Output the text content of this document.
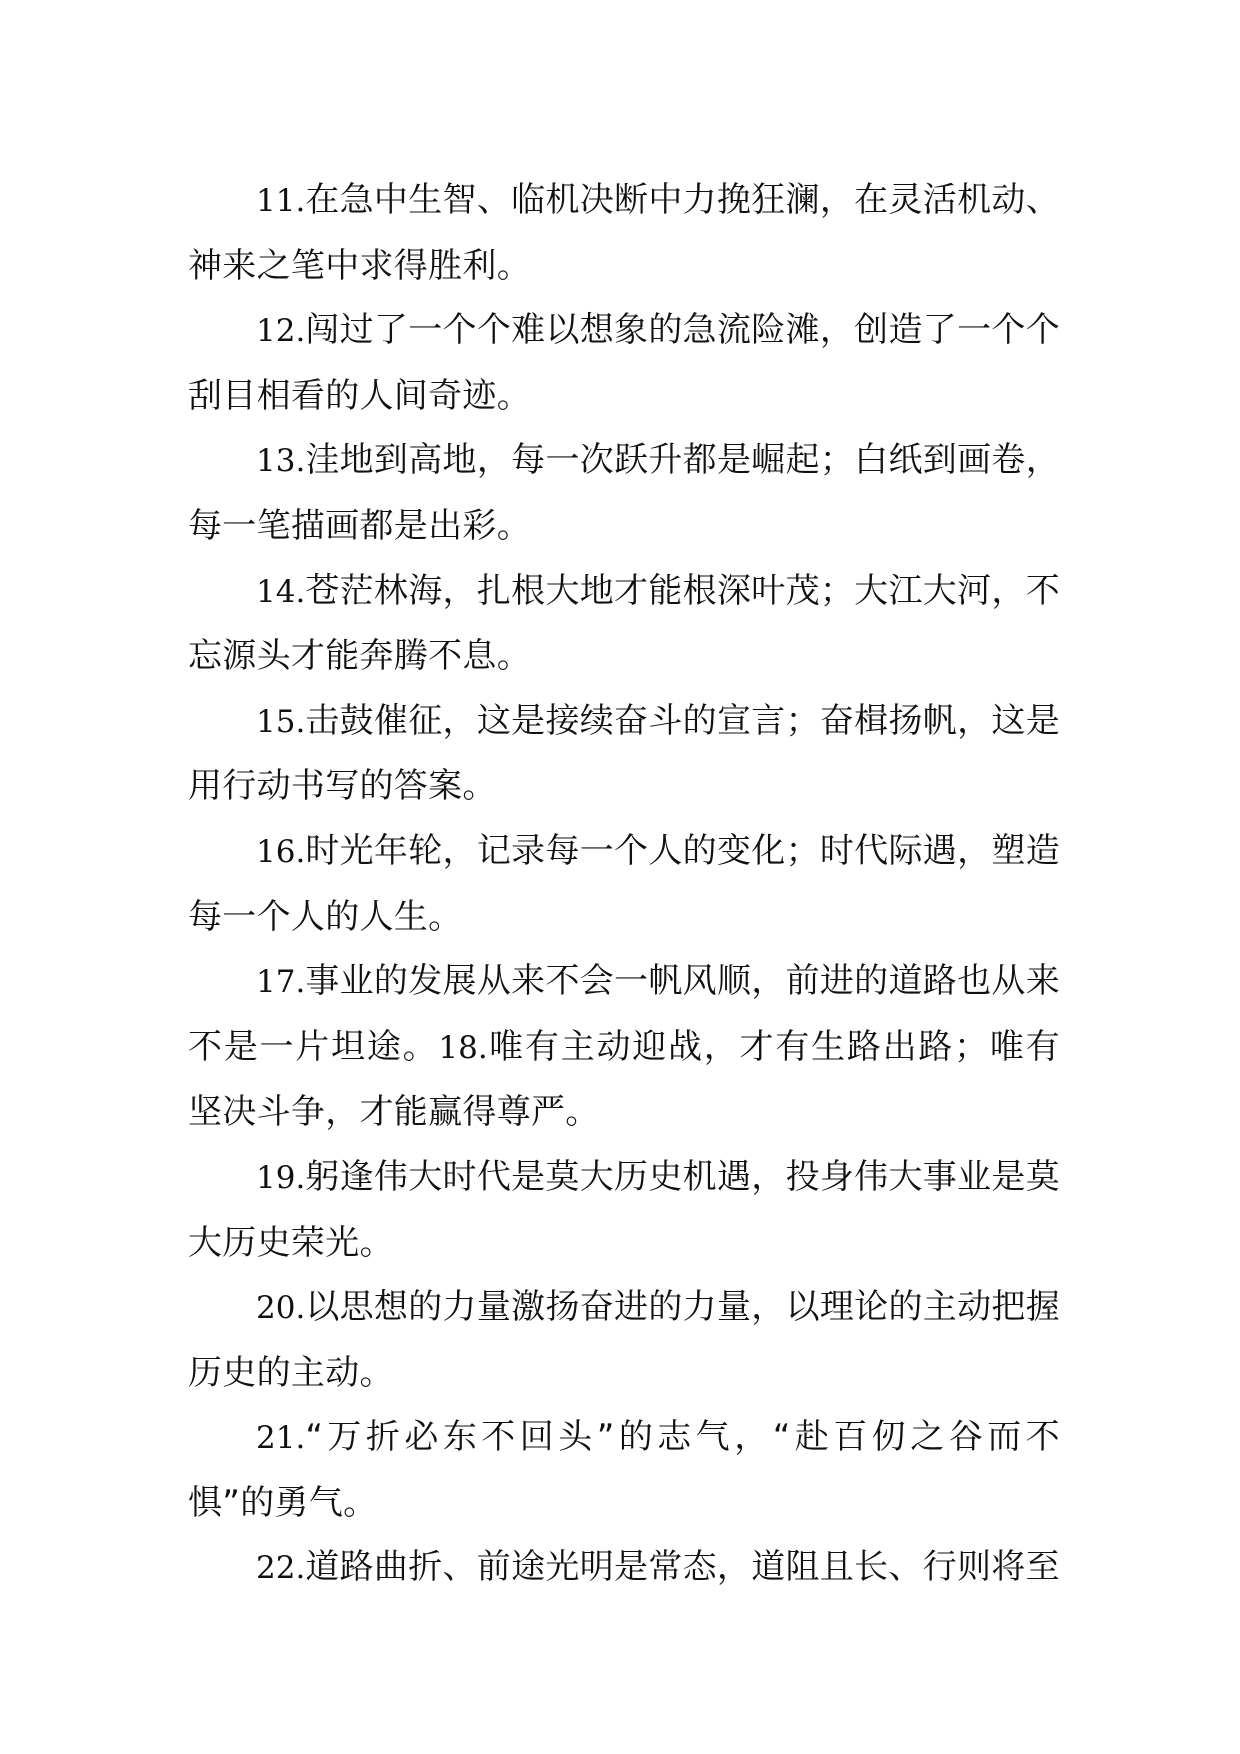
11.在急中生智、临机决断中力挽狂澜，在灵活机动、神来之笔中求得胜利。

12.闯过了一个个难以想象的急流险滩，创造了一个个刮目相看的人间奇迹。

13.洼地到高地，每一次跃升都是崛起；白纸到画卷，每一笔描画都是出彩。

14.苍茫林海，扎根大地才能根深叶茂；大江大河，不忘源头才能奔腾不息。

15.击鼓催征，这是接续奋斗的宣言；奋楫扬帆，这是用行动书写的答案。

16.时光年轮，记录每一个人的变化；时代际遇，塑造每一个人的人生。

17.事业的发展从来不会一帆风顺，前进的道路也从来不是一片坦途。18.唯有主动迎战，才有生路出路；唯有坚决斗争，才能赢得尊严。

19.躬逢伟大时代是莫大历史机遇，投身伟大事业是莫大历史荣光。

20.以思想的力量激扬奋进的力量，以理论的主动把握历史的主动。

21.“万折必东不回头”的志气，“赴百仞之谷而不惧”的勇气。

22.道路曲折、前途光明是常态，道阻且长、行则将至
